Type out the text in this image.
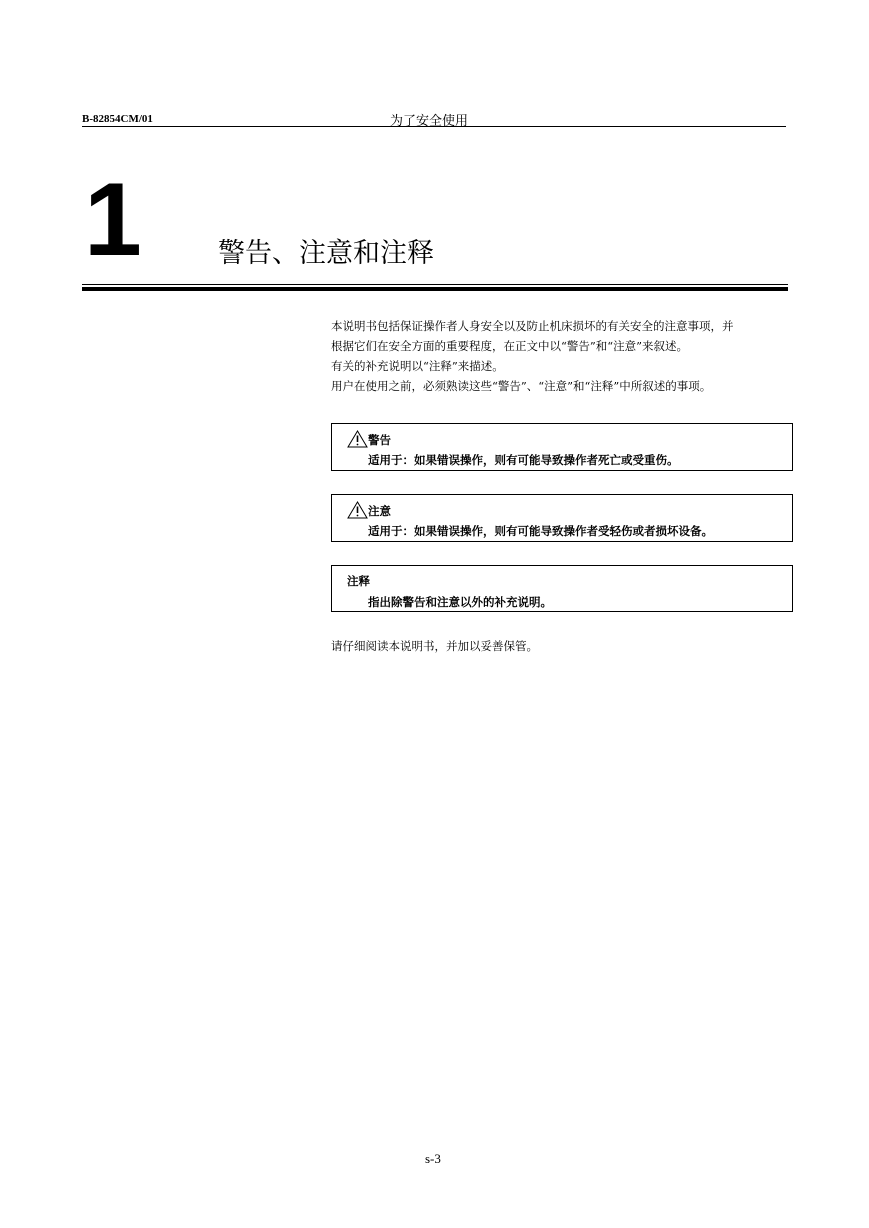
B-82854CM/01	为了安全使用
1	警告、注意和注释

本说明书包括保证操作者人身安全以及防止机床损坏的有关安全的注意事项，并

根据它们在安全方面的重要程度，在正文中以“警告”和“注意”来叙述。

有关的补充说明以“注释”来描述。

用户在使用之前，必须熟读这些“警告”、“注意”和“注释”中所叙述的事项。

警告
适用于：如果错误操作，则有可能导致操作者死亡或受重伤。
注意
适用于：如果错误操作，则有可能导致操作者受轻伤或者损坏设备。
注释
指出除警告和注意以外的补充说明。
请仔细阅读本说明书，并加以妥善保管。
s-3
